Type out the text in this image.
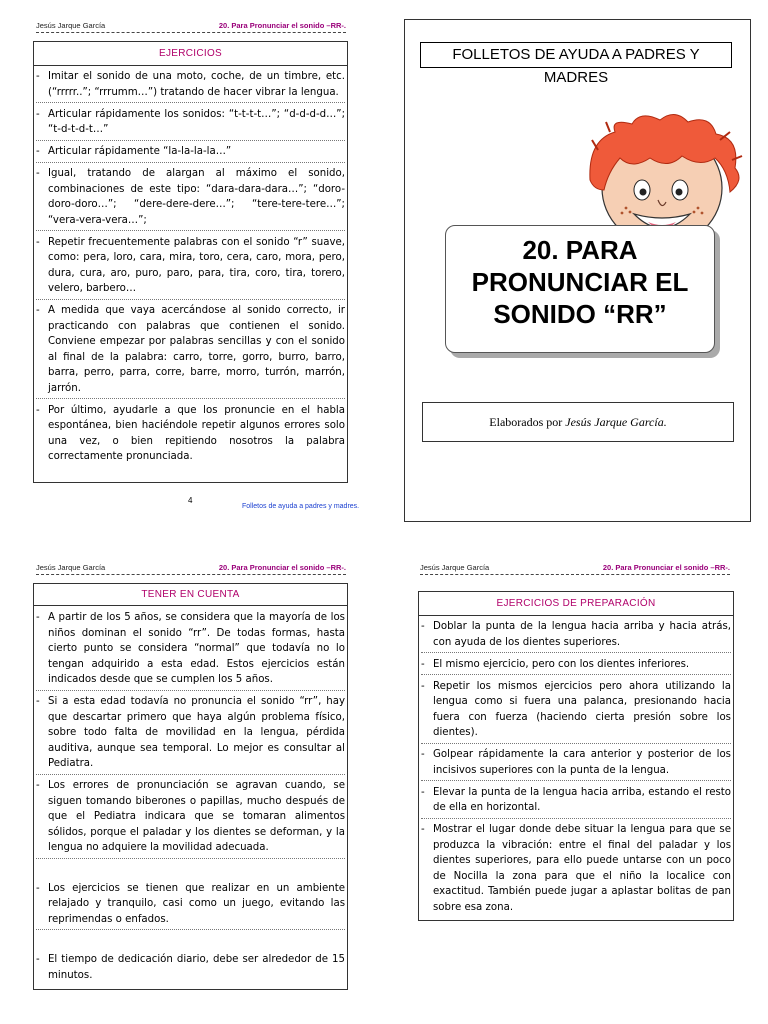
Jesús Jarque García	20. Para Pronunciar el sonido –RR-.
EJERCICIOS
- Imitar el sonido de una moto, coche, de un timbre, etc. (“rrrrr..”; “rrrumm…”) tratando de hacer vibrar la lengua.
- Articular rápidamente los sonidos: “t-t-t-t…”; “d-d-d-d…”; “t-d-t-d-t…”
- Articular rápidamente “la-la-la-la…”
- Igual, tratando de alargan al máximo el sonido, combinaciones de este tipo: “dara-dara-dara…”; “doro-doro-doro…”; “dere-dere-dere…”; “tere-tere-tere…”; “vera-vera-vera…”;
- Repetir frecuentemente palabras con el sonido “r” suave, como: pera, loro, cara, mira, toro, cera, caro, mora, pero, dura, cura, aro, puro, paro, para, tira, coro, tira, torero, velero, barbero…
- A medida que vaya acercándose al sonido correcto, ir practicando con palabras que contienen el sonido. Conviene empezar por palabras sencillas y con el sonido al final de la palabra: carro, torre, gorro, burro, barro, barra, perro, parra, corre, barre, morro, turrón, marrón, jarrón.
- Por último, ayudarle a que los pronuncie en el habla espontánea, bien haciéndole repetir algunos errores solo una vez, o bien repitiendo nosotros la palabra correctamente pronunciada.
4
Folletos de ayuda a padres y madres.
FOLLETOS DE AYUDA A PADRES Y MADRES
20. PARA
PRONUNCIAR EL
SONIDO “RR”
Elaborados por Jesús Jarque García.
Jesús Jarque García	20. Para Pronunciar el sonido –RR-.
TENER EN CUENTA
- A partir de los 5 años, se considera que la mayoría de los niños dominan el sonido “rr”. De todas formas, hasta cierto punto se considera “normal” que todavía no lo tengan adquirido a esta edad. Estos ejercicios están indicados desde que se cumplen los 5 años.
- Si a esta edad todavía no pronuncia el sonido “rr”, hay que descartar primero que haya algún problema físico, sobre todo falta de movilidad en la lengua, pérdida auditiva, aunque sea temporal. Lo mejor es consultar al Pediatra.
- Los errores de pronunciación se agravan cuando, se siguen tomando biberones o papillas, mucho después de que el Pediatra indicara que se tomaran alimentos sólidos, porque el paladar y los dientes se deforman, y la lengua no adquiere la movilidad adecuada.
- Los ejercicios se tienen que realizar en un ambiente relajado y tranquilo, casi como un juego, evitando las reprimendas o enfados.
- El tiempo de dedicación diario, debe ser alrededor de 15 minutos.
Jesús Jarque García	20. Para Pronunciar el sonido –RR-.
EJERCICIOS DE PREPARACIÓN
- Doblar la punta de la lengua hacia arriba y hacia atrás, con ayuda de los dientes superiores.
- El mismo ejercicio, pero con los dientes inferiores.
- Repetir los mismos ejercicios pero ahora utilizando la lengua como si fuera una palanca, presionando hacia fuera con fuerza (haciendo cierta presión sobre los dientes).
- Golpear rápidamente la cara anterior y posterior de los incisivos superiores con la punta de la lengua.
- Elevar la punta de la lengua hacia arriba, estando el resto de ella en horizontal.
- Mostrar el lugar donde debe situar la lengua para que se produzca la vibración: entre el final del paladar y los dientes superiores, para ello puede untarse con un poco de Nocilla la zona para que el niño la localice con exactitud. También puede jugar a aplastar bolitas de pan sobre esa zona.
